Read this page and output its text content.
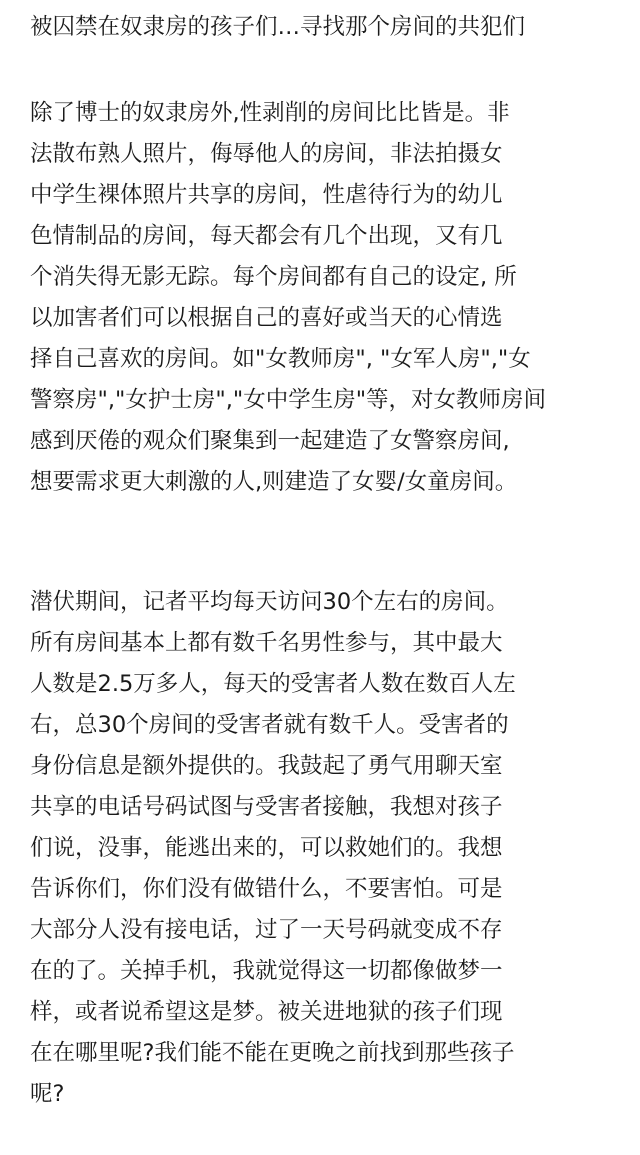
被囚禁在奴隶房的孩子们…寻找那个房间的共犯们
除了博士的奴隶房外,性剥削的房间比比皆是。非
法散布熟人照片，侮辱他人的房间，非法拍摄女
中学生裸体照片共享的房间，性虐待行为的幼儿
色情制品的房间，每天都会有几个出现，又有几
个消失得无影无踪。每个房间都有自己的设定, 所
以加害者们可以根据自己的喜好或当天的心情选
择自己喜欢的房间。如"女教师房", "女军人房","女
警察房","女护士房","女中学生房"等，对女教师房间
感到厌倦的观众们聚集到一起建造了女警察房间,
想要需求更大刺激的人,则建造了女婴/女童房间。
潜伏期间，记者平均每天访问30个左右的房间。
所有房间基本上都有数千名男性参与，其中最大
人数是2.5万多人，每天的受害者人数在数百人左
右，总30个房间的受害者就有数千人。受害者的
身份信息是额外提供的。我鼓起了勇气用聊天室
共享的电话号码试图与受害者接触，我想对孩子
们说，没事，能逃出来的，可以救她们的。我想
告诉你们，你们没有做错什么，不要害怕。可是
大部分人没有接电话，过了一天号码就变成不存
在的了。关掉手机，我就觉得这一切都像做梦一
样，或者说希望这是梦。被关进地狱的孩子们现
在在哪里呢?我们能不能在更晚之前找到那些孩子
呢?
